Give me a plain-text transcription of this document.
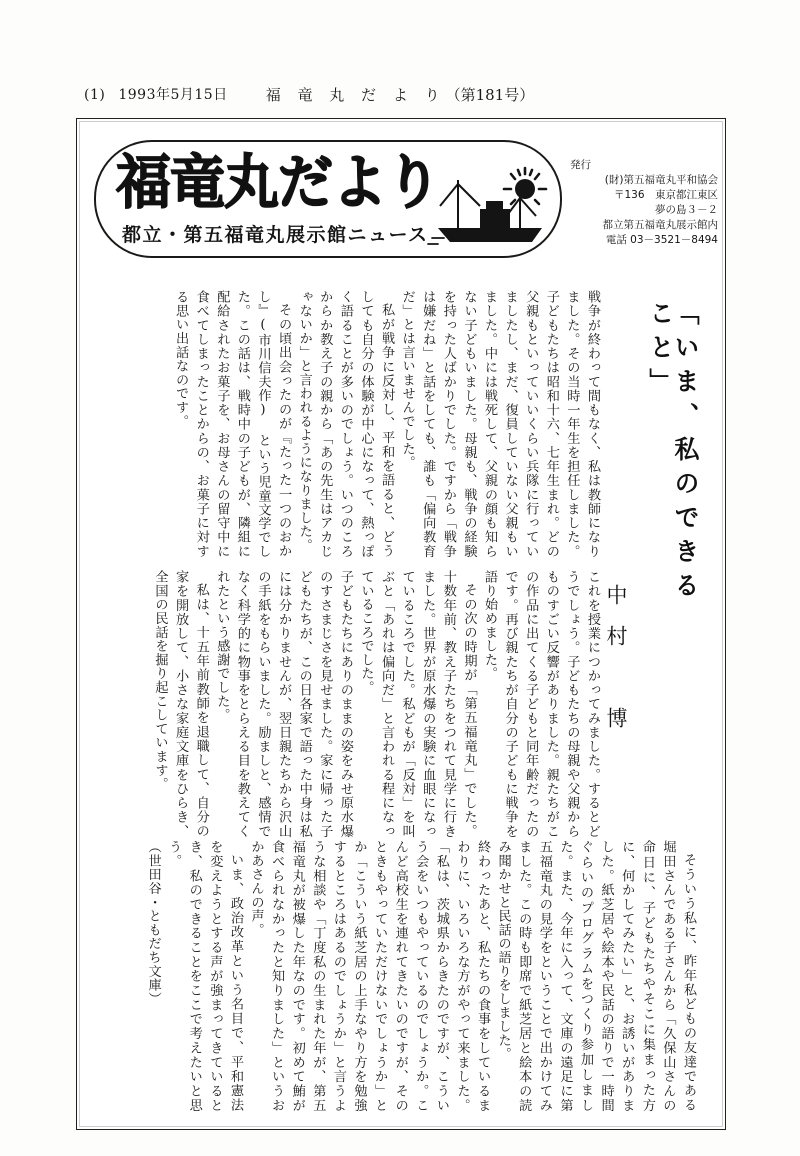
(1) 1993年5月15日	福 竜 丸 だ よ り（第181号）
福竜丸だより
都立・第五福竜丸展示館ニュース
発行
(財)第五福竜丸平和協会
〒136　東京都江東区
夢の島３－２
都立第五福竜丸展示館内
電話 03－3521－8494
「いま、私のできること」
中村　博

戦争が終わって間もなく、私は教師になりました。その当時一年生を担任しました。子どもたちは昭和十六、七年生まれ。どの父親もといっていいくらい兵隊に行っていましたし、まだ、復員していない父親もいました。中には戦死して、父親の顔も知らない子どもいました。母親も、戦争の経験を持った人ばかりでした。ですから「戦争は嫌だね」と話をしても、誰も「偏向教育だ」とは言いませんでした。

私が戦争に反対し、平和を語ると、どうしても自分の体験が中心になって、熱っぽく語ることが多いのでしょう。いつのころからか教え子の親から「あの先生はアカじゃないか」と言われるようになりました。

その頃出会ったのが『たった一つのおかし』(市川信夫作) という児童文学でした。この話は、戦時中の子どもが、隣組に配給されたお菓子を、お母さんの留守中に食べてしまったことからの、お菓子に対する思い出話なのです。

これを授業につかってみました。するとどうでしょう。子どもたちの母親や父親からものすごい反響がありました。親たちがこの作品に出てくる子どもと同年齢だったのです。再び親たちが自分の子どもに戦争を語り始めました。

その次の時期が「第五福竜丸」でした。十数年前、教え子たちをつれて見学に行きました。世界が原水爆の実験に血眼になっているころでした。私どもが「反対」を叫ぶと「あれは偏向だ」と言われる程になっているころでした。

子どもたちにありのままの姿をみせ原水爆のすさまじさを見せました。家に帰った子どもたちが、この日各家で語った中身は私には分かりませんが、翌日親たちから沢山の手紙をもらいました。励ましと、感情でなく科学的に物事をとらえる目を教えてくれたという感謝でした。

私は、十五年前教師を退職して、自分の家を開放して、小さな家庭文庫をひらき、全国の民話を掘り起こしています。

そういう私に、昨年私どもの友達である堀田さんである子さんから「久保山さんの命日に、子どもたちやそこに集まった方に、何かしてみたい」と、お誘いがありました。紙芝居や絵本や民話の語りで一時間ぐらいのプログラムをつくり参加しました。また、今年に入って、文庫の遠足に第五福竜丸の見学をということで出かけてみました。この時も即席で紙芝居と絵本の読み聞かせと民話の語りをしました。

終わったあと、私たちの食事をしているまわりに、いろいろな方がやって来ました。「私は、茨城県からきたのですが、こういう会をいつもやっているのでしょうか。こんど高校生を連れてきたいのですが、そのときもやっていただけないでしょうか」とか「こういう紙芝居の上手なやり方を勉強するところはあるのでしょうか」と言うような相談や「丁度私の生まれた年が、第五福竜丸が被爆した年なのです。初めて鮪が食べられなかったと知りました」というおかあさんの声。

いま、政治改革という名目で、平和憲法を変えようとする声が強まってきているとき、私のできることをここで考えたいと思う。

（世田谷・ともだち文庫）
